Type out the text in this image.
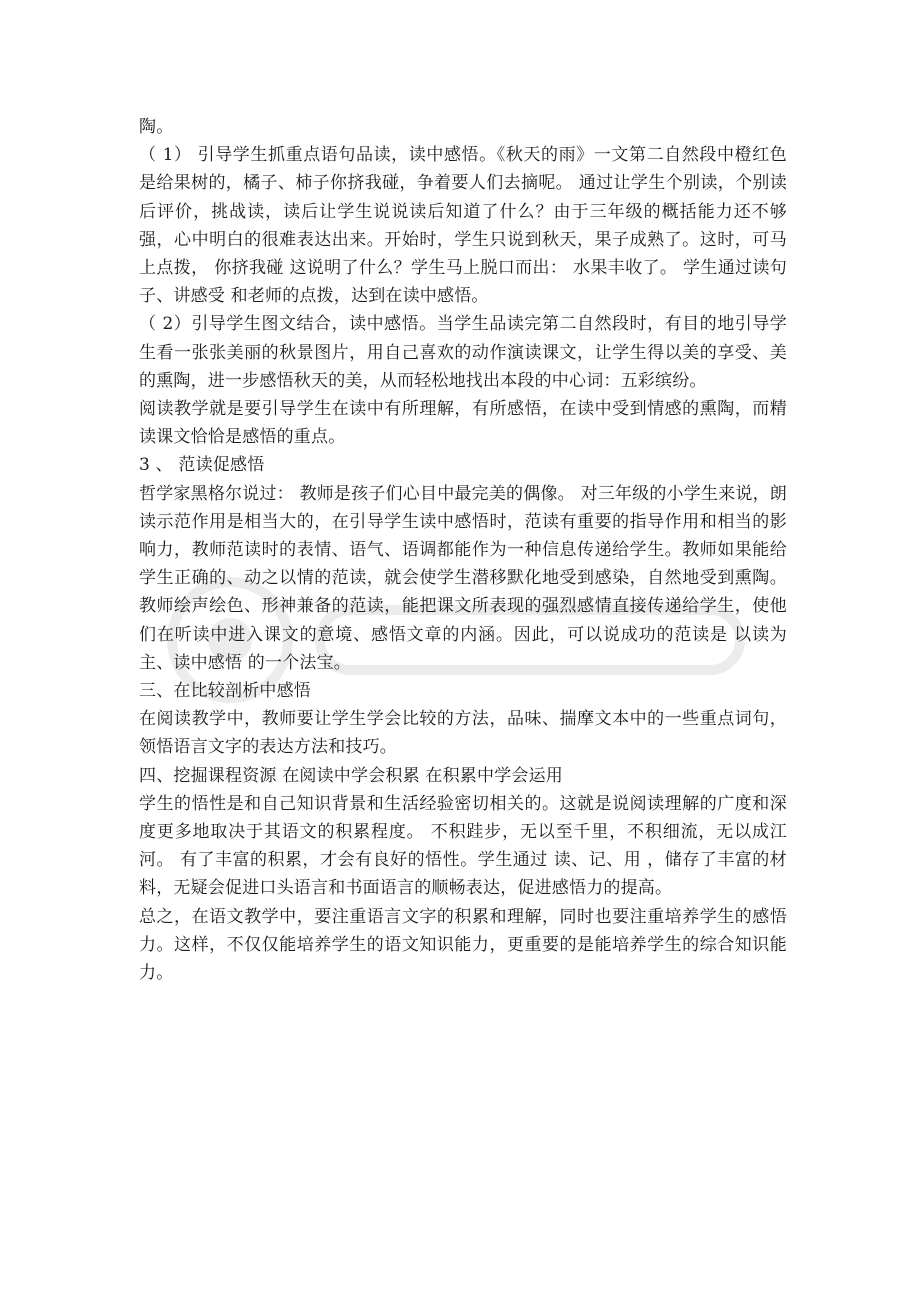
陶。

（ 1） 引导学生抓重点语句品读，读中感悟。《秋天的雨》一文第二自然段中橙红色是给果树的，橘子、柿子你挤我碰，争着要人们去摘呢。 通过让学生个别读，个别读后评价，挑战读，读后让学生说说读后知道了什么？由于三年级的概括能力还不够强，心中明白的很难表达出来。开始时，学生只说到秋天，果子成熟了。这时，可马上点拨， 你挤我碰 这说明了什么？学生马上脱口而出： 水果丰收了。 学生通过读句子、讲感受 和老师的点拨，达到在读中感悟。

（ 2）引导学生图文结合，读中感悟。当学生品读完第二自然段时，有目的地引导学生看一张张美丽的秋景图片，用自己喜欢的动作演读课文，让学生得以美的享受、美的熏陶，进一步感悟秋天的美，从而轻松地找出本段的中心词：五彩缤纷。

阅读教学就是要引导学生在读中有所理解，有所感悟，在读中受到情感的熏陶，而精读课文恰恰是感悟的重点。

3 、 范读促感悟

哲学家黑格尔说过： 教师是孩子们心目中最完美的偶像。 对三年级的小学生来说，朗读示范作用是相当大的，在引导学生读中感悟时，范读有重要的指导作用和相当的影响力，教师范读时的表情、语气、语调都能作为一种信息传递给学生。教师如果能给学生正确的、动之以情的范读，就会使学生潜移默化地受到感染，自然地受到熏陶。教师绘声绘色、形神兼备的范读，能把课文所表现的强烈感情直接传递给学生，使他们在听读中进入课文的意境、感悟文章的内涵。因此，可以说成功的范读是 以读为主、读中感悟 的一个法宝。

三、在比较剖析中感悟

在阅读教学中，教师要让学生学会比较的方法，品味、揣摩文本中的一些重点词句，领悟语言文字的表达方法和技巧。

四、挖掘课程资源 在阅读中学会积累 在积累中学会运用

学生的悟性是和自己知识背景和生活经验密切相关的。这就是说阅读理解的广度和深度更多地取决于其语文的积累程度。 不积跬步，无以至千里，不积细流，无以成江河。 有了丰富的积累，才会有良好的悟性。学生通过 读、记、用 ，储存了丰富的材料，无疑会促进口头语言和书面语言的顺畅表达，促进感悟力的提高。

总之，在语文教学中，要注重语言文字的积累和理解，同时也要注重培养学生的感悟力。这样，不仅仅能培养学生的语文知识能力，更重要的是能培养学生的综合知识能力。
